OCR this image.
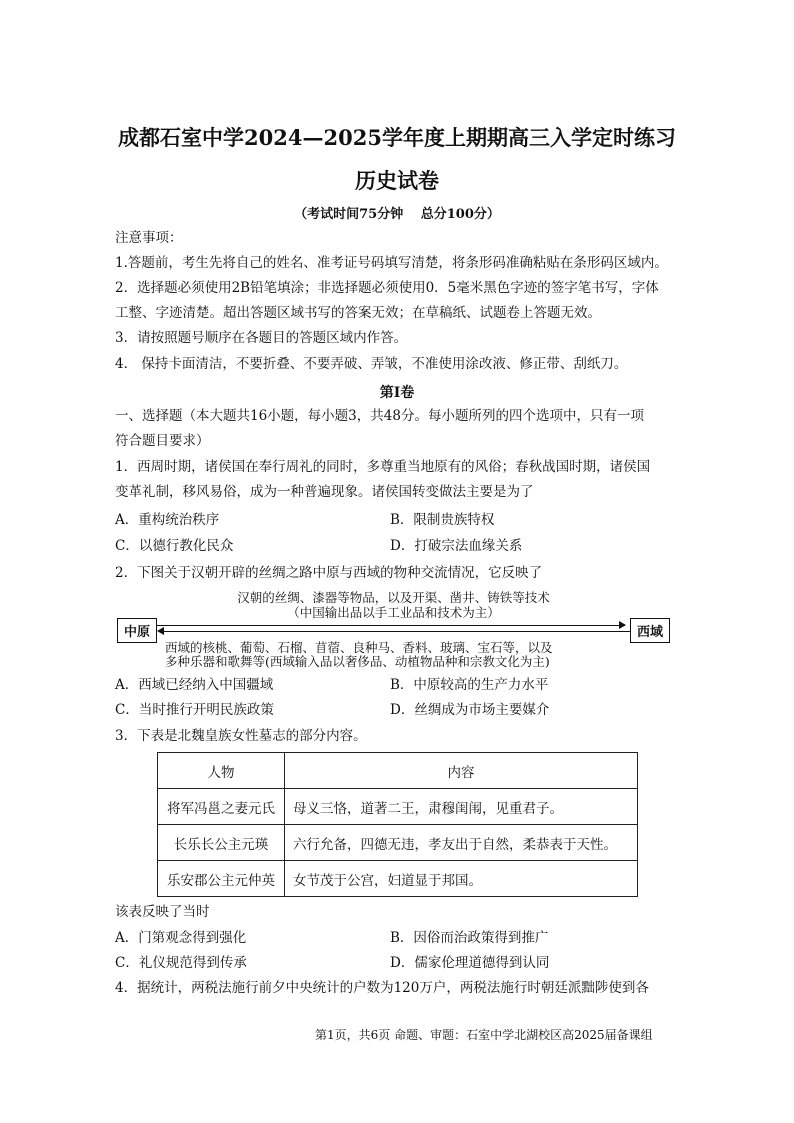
成都石室中学2024—2025学年度上期期高三入学定时练习
历史试卷
（考试时间75分钟　 总分100分）
注意事项：
1.答题前，考生先将自己的姓名、准考证号码填写清楚，将条形码准确粘贴在条形码区域内。
2．选择题必须使用2B铅笔填涂；非选择题必须使用0．5毫米黑色字迹的签字笔书写，字体
工整、字迹清楚。超出答题区域书写的答案无效；在草稿纸、试题卷上答题无效。
3．请按照题号顺序在各题目的答题区域内作答。
4． 保持卡面清洁，不要折叠、不要弄破、弄皱，不准使用涂改液、修正带、刮纸刀。
第Ⅰ卷
一、选择题（本大题共16小题，每小题3，共48分。每小题所列的四个选项中，只有一项
符合题目要求）
1．西周时期，诸侯国在奉行周礼的同时，多尊重当地原有的风俗；春秋战国时期，诸侯国
变革礼制，移风易俗，成为一种普遍现象。诸侯国转变做法主要是为了
A．重构统治秩序	B．限制贵族特权
C．以德行教化民众	D．打破宗法血缘关系
2．下图关于汉朝开辟的丝绸之路中原与西域的物种交流情况，它反映了
汉朝的丝绸、漆器等物品，以及开渠、凿井、铸铁等技术
（中国输出品以手工业品和技术为主）
中原	西域
西域的核桃、葡萄、石榴、苜蓿、良种马、香料、玻璃、宝石等，以及
多种乐器和歌舞等(西域输入品以奢侈品、动植物品种和宗教文化为主)
A．西域已经纳入中国疆域	B．中原较高的生产力水平
C．当时推行开明民族政策	D．丝绸成为市场主要媒介
3．下表是北魏皇族女性墓志的部分内容。
人物	内容
将军冯邕之妻元氏	母义三恪，道著二王，肃穆闺闱，见重君子。
长乐长公主元瑛	六行允备，四德无违，孝友出于自然，柔恭表于天性。
乐安郡公主元仲英	女节茂于公宫，妇道显于邦国。
该表反映了当时
A．门第观念得到强化	B．因俗而治政策得到推广
C．礼仪规范得到传承	D．儒家伦理道德得到认同
4．据统计，两税法施行前夕中央统计的户数为120万户，两税法施行时朝廷派黜陟使到各
第1页，共6页 命题、审题：石室中学北湖校区高2025届备课组
